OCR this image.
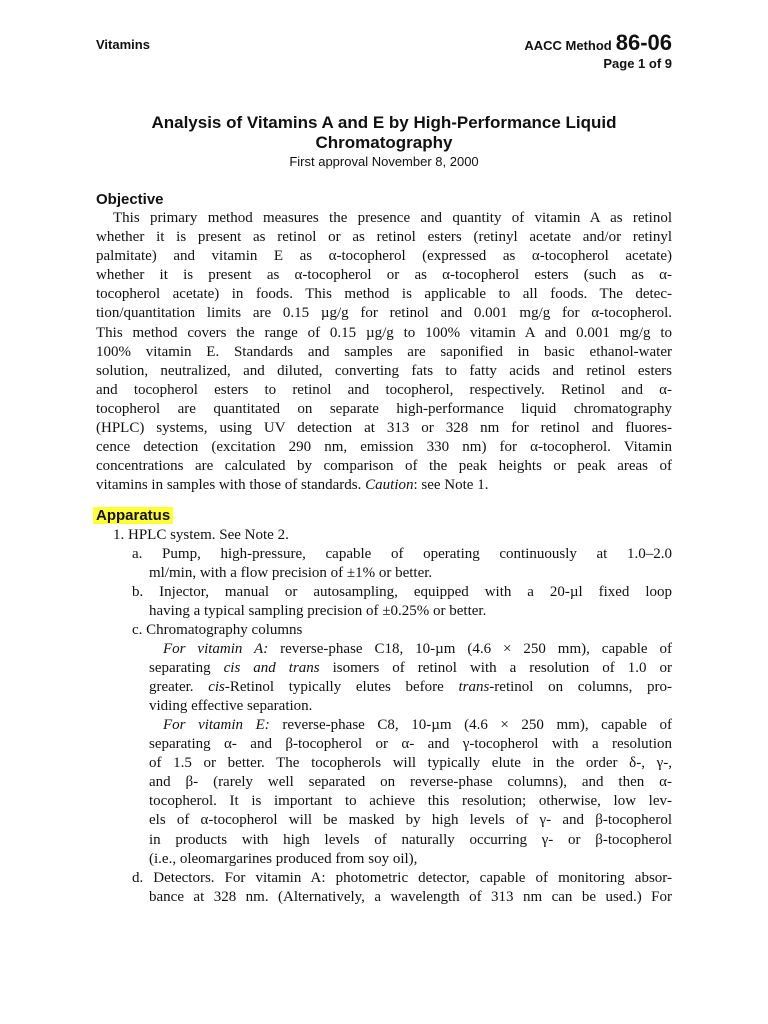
Vitamins	AACC Method 86-06
Page 1 of 9
Analysis of Vitamins A and E by High-Performance Liquid
Chromatography
First approval November 8, 2000
Objective
This primary method measures the presence and quantity of vitamin A as retinol
whether it is present as retinol or as retinol esters (retinyl acetate and/or retinyl
palmitate) and vitamin E as α-tocopherol (expressed as α-tocopherol acetate)
whether it is present as α-tocopherol or as α-tocopherol esters (such as α-
tocopherol acetate) in foods. This method is applicable to all foods. The detec-
tion/quantitation limits are 0.15 µg/g for retinol and 0.001 mg/g for α-tocopherol.
This method covers the range of 0.15 µg/g to 100% vitamin A and 0.001 mg/g to
100% vitamin E. Standards and samples are saponified in basic ethanol-water
solution, neutralized, and diluted, converting fats to fatty acids and retinol esters
and tocopherol esters to retinol and tocopherol, respectively. Retinol and α-
tocopherol are quantitated on separate high-performance liquid chromatography
(HPLC) systems, using UV detection at 313 or 328 nm for retinol and fluores-
cence detection (excitation 290 nm, emission 330 nm) for α-tocopherol. Vitamin
concentrations are calculated by comparison of the peak heights or peak areas of
vitamins in samples with those of standards. Caution: see Note 1.
Apparatus
1. HPLC system. See Note 2.
a. Pump, high-pressure, capable of operating continuously at 1.0–2.0
ml/min, with a flow precision of ±1% or better.
b. Injector, manual or autosampling, equipped with a 20-µl fixed loop
having a typical sampling precision of ±0.25% or better.
c. Chromatography columns
For vitamin A: reverse-phase C18, 10-µm (4.6 × 250 mm), capable of
separating cis and trans isomers of retinol with a resolution of 1.0 or
greater. cis-Retinol typically elutes before trans-retinol on columns, pro-
viding effective separation.
For vitamin E: reverse-phase C8, 10-µm (4.6 × 250 mm), capable of
separating α- and β-tocopherol or α- and γ-tocopherol with a resolution
of 1.5 or better. The tocopherols will typically elute in the order δ-, γ-,
and β- (rarely well separated on reverse-phase columns), and then α-
tocopherol. It is important to achieve this resolution; otherwise, low lev-
els of α-tocopherol will be masked by high levels of γ- and β-tocopherol
in products with high levels of naturally occurring γ- or β-tocopherol
(i.e., oleomargarines produced from soy oil),
d. Detectors. For vitamin A: photometric detector, capable of monitoring absor-
bance at 328 nm. (Alternatively, a wavelength of 313 nm can be used.) For
